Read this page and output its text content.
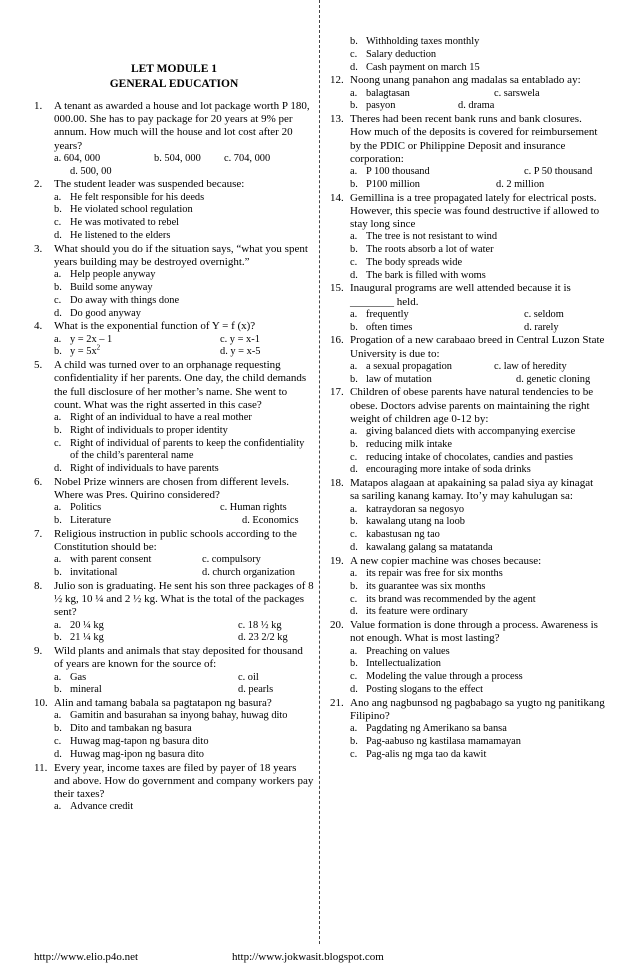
LET MODULE 1
GENERAL EDUCATION
1. A tenant as awarded a house and lot package worth P 180, 000.00. She has to pay package for 20 years at 9% per annum. How much will the house and lot cost after 20 years?
a. 604, 000	b. 504, 000	c. 704, 000
d. 500, 00
2. The student leader was suspended because:
a. He felt responsible for his deeds
b. He violated school regulation
c. He was motivated to rebel
d. He listened to the elders
3. What should you do if the situation says, “what you spent years building may be destroyed overnight.”
a. Help people anyway
b. Build some anyway
c. Do away with things done
d. Do good anyway
4. What is the exponential function of Y = f (x)?
a. y = 2x – 1	c. y = x-1
b. $y = 5x^2$	d. y = x-5
5. A child was turned over to an orphanage requesting confidentiality if her parents. One day, the child demands the full disclosure of her mother’s name. She went to count. What was the right asserted in this case?
a. Right of an individual to have a real mother
b. Right of individuals to proper identity
c. Right of individual of parents to keep the confidentiality of the child’s parenteral name
d. Right of individuals to have parents
6. Nobel Prize winners are chosen from different levels. Where was Pres. Quirino considered?
a. Politics	c. Human rights
b. Literature	d. Economics
7. Religious instruction in public schools according to the Constitution should be:
a. with parent consent	c. compulsory
b. invitational	d. church organization
8. Julio son is graduating. He sent his son three packages of 8 ½ kg, 10 ¼ and 2 ½ kg. What is the total of the packages sent?
a. 20 ¼ kg	c. 18 ½ kg
b. 21 ¼ kg	d. 23 2/2 kg
9. Wild plants and animals that stay deposited for thousand of years are known for the source of:
a. Gas	c. oil
b. mineral	d. pearls
10. Alin and tamang babala sa pagtatapon ng basura?
a. Gamitin and basurahan sa inyong bahay, huwag dito
b. Dito and tambakan ng basura
c. Huwag mag-tapon ng basura dito
d. Huwag mag-ipon ng basura dito
11. Every year, income taxes are filed by payer of 18 years and above. How do government and company workers pay their taxes?
a. Advance credit
b. Withholding taxes monthly
c. Salary deduction
d. Cash payment on march 15
12. Noong unang panahon ang madalas sa entablado ay:
a. balagtasan	c. sarswela
b. pasyon	d. drama
13. Theres had been recent bank runs and bank closures. How much of the deposits is covered for reimbursement by the PDIC or Philippine Deposit and insurance corporation:
a. P 100 thousand	c. P 50 thousand
b. P100 million	d. 2 million
14. Gemillina is a tree propagated lately for electrical posts. However, this specie was found destructive if allowed to stay long since
a. The tree is not resistant to wind
b. The roots absorb a lot of water
c. The body spreads wide
d. The bark is filled with woms
15. Inaugural programs are well attended because it is ________ held.
a. frequently	c. seldom
b. often times	d. rarely
16. Progation of a new carabaao breed in Central Luzon State University is due to:
a. a sexual propagation	c. law of heredity
b. law of mutation	d. genetic cloning
17. Children of obese parents have natural tendencies to be obese. Doctors advise parents on maintaining the right weight of children age 0-12 by:
a. giving balanced diets with accompanying exercise
b. reducing milk intake
c. reducing intake of chocolates, candies and pasties
d. encouraging more intake of soda drinks
18. Matapos alagaan at apakaining sa palad siya ay kinagat sa sariling kanang kamay. Ito’y may kahulugan sa:
a. katraydoran sa negosyo
b. kawalang utang na loob
c. kabastusan ng tao
d. kawalang galang sa matatanda
19. A new copier machine was choses because:
a. its repair was free for six months
b. its guarantee was six months
c. its brand was recommended by the agent
d. its feature were ordinary
20. Value formation is done through a process. Awareness is not enough. What is most lasting?
a. Preaching on values
b. Intellectualization
c. Modeling the value through a process
d. Posting slogans to the effect
21. Ano ang nagbunsod ng pagbabago sa yugto ng panitikang Filipino?
a. Pagdating ng Amerikano sa bansa
b. Pag-aabuso ng kastilasa mamamayan
c. Pag-alis ng mga tao da kawit
http://www.elio.p4o.net	http://www.jokwasit.blogspot.com
